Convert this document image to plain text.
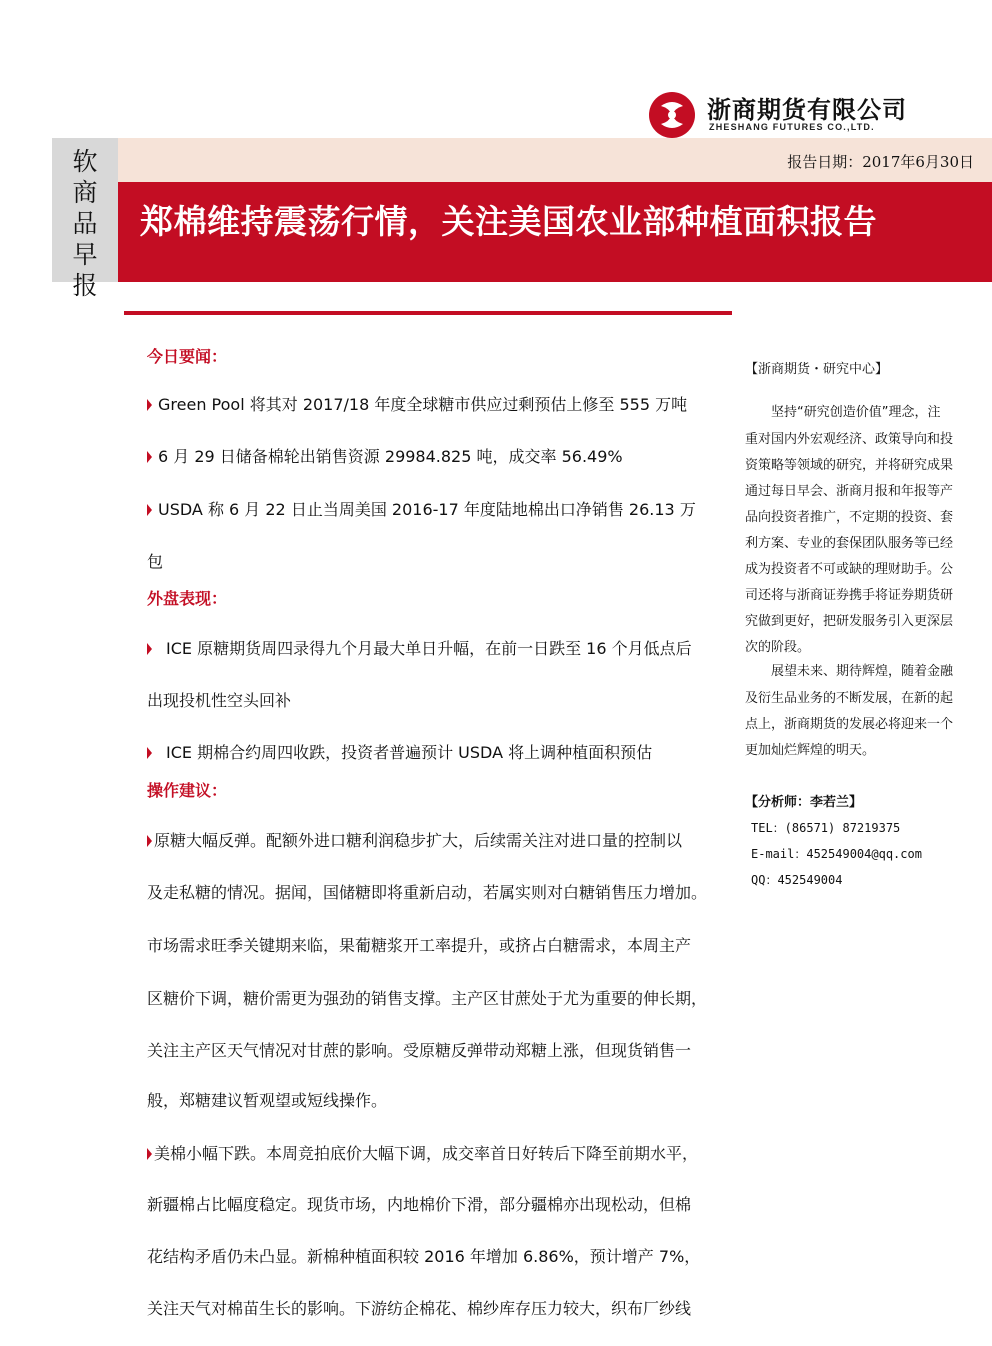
浙商期货有限公司
ZHESHANG FUTURES CO.,LTD.
软
商
品
早
报
报告日期：2017年6月30日
郑棉维持震荡行情，关注美国农业部种植面积报告
今日要闻：
Green Pool 将其对 2017/18 年度全球糖市供应过剩预估上修至 555 万吨
6 月 29 日储备棉轮出销售资源 29984.825 吨，成交率 56.49%
USDA 称 6 月 22 日止当周美国 2016-17 年度陆地棉出口净销售 26.13 万
包
外盘表现：
ICE 原糖期货周四录得九个月最大单日升幅，在前一日跌至 16 个月低点后
出现投机性空头回补
ICE 期棉合约周四收跌，投资者普遍预计 USDA 将上调种植面积预估
操作建议：
原糖大幅反弹。配额外进口糖利润稳步扩大，后续需关注对进口量的控制以
及走私糖的情况。据闻，国储糖即将重新启动，若属实则对白糖销售压力增加。
市场需求旺季关键期来临，果葡糖浆开工率提升，或挤占白糖需求，本周主产
区糖价下调，糖价需更为强劲的销售支撑。主产区甘蔗处于尤为重要的伸长期，
关注主产区天气情况对甘蔗的影响。受原糖反弹带动郑糖上涨，但现货销售一
般，郑糖建议暂观望或短线操作。
美棉小幅下跌。本周竞拍底价大幅下调，成交率首日好转后下降至前期水平，
新疆棉占比幅度稳定。现货市场，内地棉价下滑，部分疆棉亦出现松动，但棉
花结构矛盾仍未凸显。新棉种植面积较 2016 年增加 6.86%，预计增产 7%，
关注天气对棉苗生长的影响。下游纺企棉花、棉纱库存压力较大，织布厂纱线
【浙商期货・研究中心】
　　坚持“研究创造价值”理念，注
重对国内外宏观经济、政策导向和投
资策略等领域的研究，并将研究成果
通过每日早会、浙商月报和年报等产
品向投资者推广，不定期的投资、套
利方案、专业的套保团队服务等已经
成为投资者不可或缺的理财助手。公
司还将与浙商证券携手将证券期货研
究做到更好，把研发服务引入更深层
次的阶段。
　　展望未来、期待辉煌，随着金融
及衍生品业务的不断发展，在新的起
点上，浙商期货的发展必将迎来一个
更加灿烂辉煌的明天。
【分析师：李若兰】
TEL：(86571) 87219375
E-mail：452549004@qq.com
QQ：452549004
